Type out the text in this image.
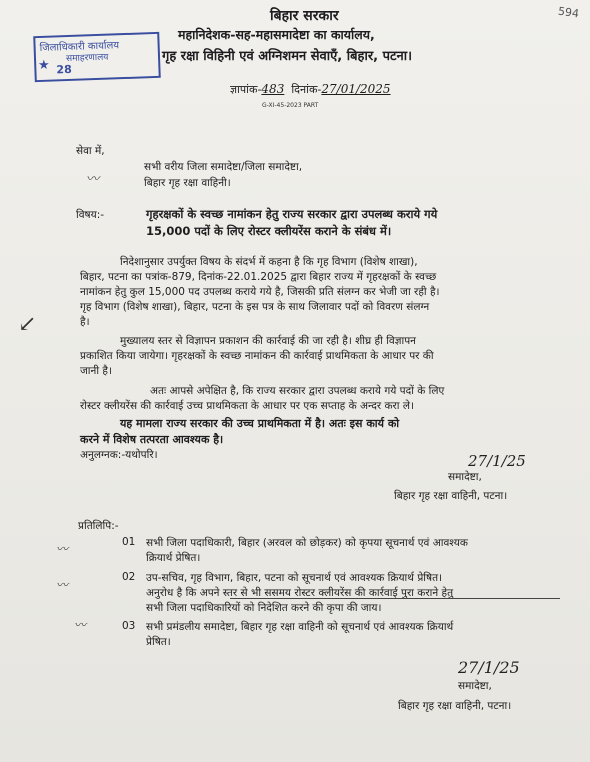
594
जिलाधिकारी कार्यालय
समाहरणालय
28
★
बिहार सरकार
महानिदेशक-सह-महासमादेष्टा का कार्यालय,
गृह रक्षा विहिनी एवं अग्निशमन सेवाएँ, बिहार, पटना।
ज्ञापांक-483 दिनांक-27/01/2025
G-XI-45-2023 PART
सेवा में,
सभी वरीय जिला समादेष्टा/जिला समादेष्टा,
बिहार गृह रक्षा वाहिनी।
〰
विषय:-	गृहरक्षकों के स्वच्छ नामांकन हेतु राज्य सरकार द्वारा उपलब्ध कराये गये
15,000 पदों के लिए रोस्टर क्लीयरेंस कराने के संबंध में।
निदेशानुसार उपर्युक्त विषय के संदर्भ में कहना है कि गृह विभाग (विशेष शाखा),
बिहार, पटना का पत्रांक-879, दिनांक-22.01.2025 द्वारा बिहार राज्य में गृहरक्षकों के स्वच्छ
नामांकन हेतु कुल 15,000 पद उपलब्ध कराये गये है, जिसकी प्रति संलग्न कर भेजी जा रही है।
गृह विभाग (विशेष शाखा), बिहार, पटना के इस पत्र के साथ जिलावार पदों को विवरण संलग्न
है।
↙
मुख्यालय स्तर से विज्ञापन प्रकाशन की कार्रवाई की जा रही है। शीघ्र ही विज्ञापन
प्रकाशित किया जायेगा। गृहरक्षकों के स्वच्छ नामांकन की कार्रवाई प्राथमिकता के आधार पर की
जानी है।
अतः आपसे अपेक्षित है, कि राज्य सरकार द्वारा उपलब्ध कराये गये पदों के लिए
रोस्टर क्लीयरेंस की कार्रवाई उच्च प्राथमिकता के आधार पर एक सप्ताह के अन्दर करा ले।
यह मामला राज्य सरकार की उच्च प्राथमिकता में है। अतः इस कार्य को
करने में विशेष तत्परता आवश्यक है।
अनुलग्नक:-यथोपरि।	27/1/25
समादेष्टा,
बिहार गृह रक्षा वाहिनी, पटना।
प्रतिलिपि:-
01 सभी जिला पदाधिकारी, बिहार (अरवल को छोड़कर) को कृपया सूचनार्थ एवं आवश्यक
क्रियार्थ प्रेषित।
〰
02 उप-सचिव, गृह विभाग, बिहार, पटना को सूचनार्थ एवं आवश्यक क्रियार्थ प्रेषित।
अनुरोध है कि अपने स्तर से भी ससमय रोस्टर क्लीयरेंस की कार्रवाई पुरा कराने हेतु
सभी जिला पदाधिकारियों को निदेशित करने की कृपा की जाय।
〰
03 सभी प्रमंडलीय समादेष्टा, बिहार गृह रक्षा वाहिनी को सूचनार्थ एवं आवश्यक क्रियार्थ
प्रेषित।
〰
27/1/25
समादेष्टा,
बिहार गृह रक्षा वाहिनी, पटना।
